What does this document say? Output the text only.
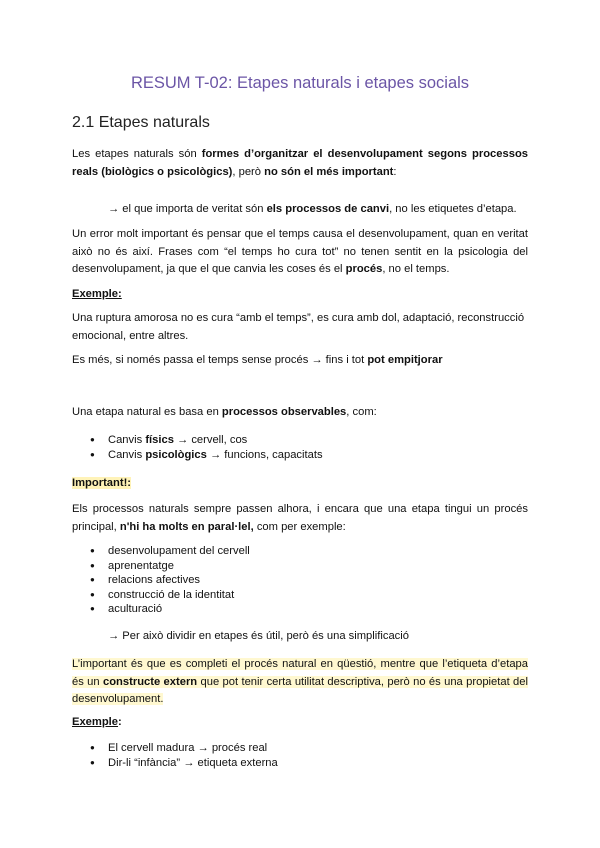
RESUM T-02: Etapes naturals i etapes socials
2.1 Etapes naturals

Les etapes naturals són formes d’organitzar el desenvolupament segons processos reals (biològics o psicològics), però no són el més important:

→ el que importa de veritat són els processos de canvi, no les etiquetes d’etapa.

Un error molt important és pensar que el temps causa el desenvolupament, quan en veritat això no és així. Frases com “el temps ho cura tot” no tenen sentit en la psicologia del desenvolupament, ja que el que canvia les coses és el procés, no el temps.

Exemple:

Una ruptura amorosa no es cura “amb el temps”, es cura amb dol, adaptació, reconstrucció emocional, entre altres.

Es més, si només passa el temps sense procés → fins i tot pot empitjorar

Una etapa natural es basa en processos observables, com:

● Canvis físics → cervell, cos
● Canvis psicològics → funcions, capacitats

Important!:

Els processos naturals sempre passen alhora, i encara que una etapa tingui un procés principal, n'hi ha molts en paral·lel, com per exemple:

● desenvolupament del cervell
● aprenentatge
● relacions afectives
● construcció de la identitat
● aculturació

→ Per això dividir en etapes és útil, però és una simplificació

L’important és que es completi el procés natural en qüestió, mentre que l’etiqueta d’etapa és un constructe extern que pot tenir certa utilitat descriptiva, però no és una propietat del desenvolupament.

Exemple:

● El cervell madura → procés real
● Dir-li “infància” → etiqueta externa
